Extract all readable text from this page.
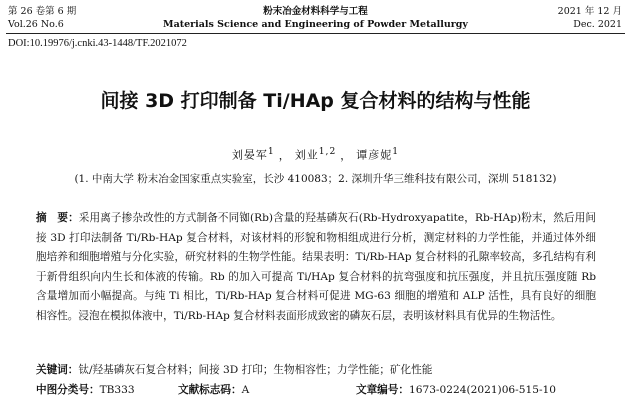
第 26 卷第 6 期	粉末冶金材料科学与工程	2021 年 12 月
Vol.26 No.6	Materials Science and Engineering of Powder Metallurgy	Dec. 2021
DOI:10.19976/j.cnki.43-1448/TF.2021072
间接 3D 打印制备 Ti/HAp 复合材料的结构与性能
刘晏军$^1$ ， 刘业$^{1,2}$ ， 谭彦妮$^1$
(1. 中南大学 粉末冶金国家重点实验室，长沙 410083；2. 深圳升华三维科技有限公司，深圳 518132)
摘　要：采用离子掺杂改性的方式制备不同铷(Rb)含量的羟基磷灰石(Rb-Hydroxyapatite，Rb-HAp)粉末，然后用间接 3D 打印法制备 Ti/Rb-HAp 复合材料，对该材料的形貌和物相组成进行分析，测定材料的力学性能，并通过体外细胞培养和细胞增殖与分化实验，研究材料的生物学性能。结果表明：Ti/Rb-HAp 复合材料的孔隙率较高，多孔结构有利于新骨组织向内生长和体液的传输。Rb 的加入可提高 Ti/HAp 复合材料的抗弯强度和抗压强度，并且抗压强度随 Rb 含量增加而小幅提高。与纯 Ti 相比，Ti/Rb-HAp 复合材料可促进 MG-63 细胞的增殖和 ALP 活性，具有良好的细胞相容性。浸泡在模拟体液中，Ti/Rb-HAp 复合材料表面形成致密的磷灰石层，表明该材料具有优异的生物活性。
关键词：钛/羟基磷灰石复合材料；间接 3D 打印；生物相容性；力学性能；矿化性能
中图分类号：TB333	文献标志码：A	文章编号：1673-0224(2021)06-515-10
